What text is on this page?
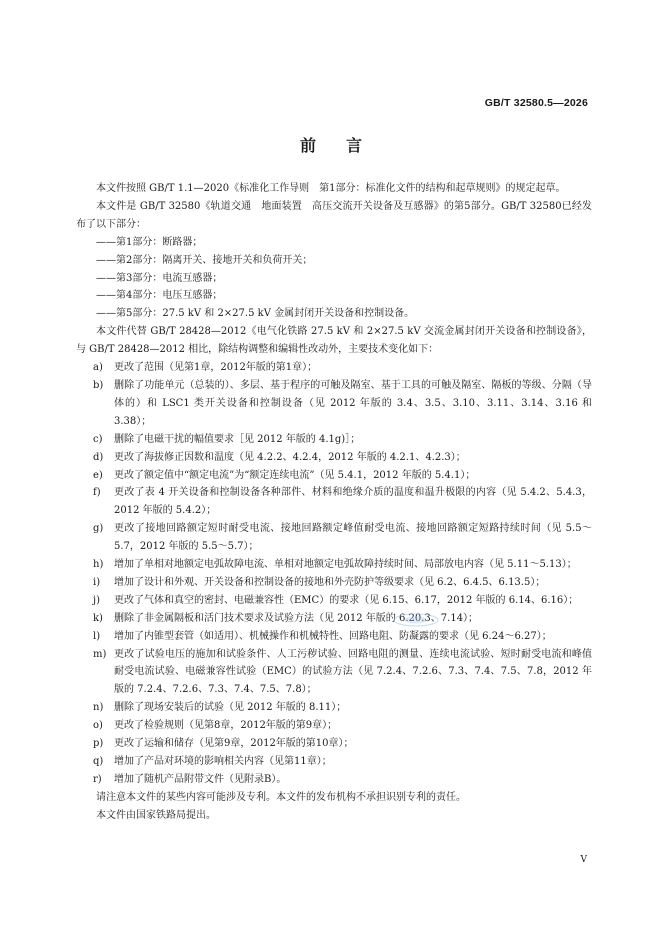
GB/T 32580.5—2026
前 言

本文件按照 GB/T 1.1—2020《标准化工作导则　第1部分：标准化文件的结构和起草规则》的规定起草。

本文件是 GB/T 32580《轨道交通　地面装置　高压交流开关设备及互感器》的第5部分。GB/T 32580已经发布了以下部分：

——第1部分：断路器；

——第2部分：隔离开关、接地开关和负荷开关；

——第3部分：电流互感器；

——第4部分：电压互感器；

——第5部分：27.5 kV 和 2×27.5 kV 金属封闭开关设备和控制设备。

本文件代替 GB/T 28428—2012《电气化铁路 27.5 kV 和 2×27.5 kV 交流金属封闭开关设备和控制设备》，与 GB/T 28428—2012 相比，除结构调整和编辑性改动外，主要技术变化如下：

a) 更改了范围（见第1章，2012年版的第1章）；

b) 删除了功能单元（总装的）、多层、基于程序的可触及隔室、基于工具的可触及隔室、隔板的等级、分隔（导体的）和 LSC1 类开关设备和控制设备（见 2012 年版的 3.4、3.5、3.10、3.11、3.14、3.16 和 3.38）；

c) 删除了电磁干扰的幅值要求［见 2012 年版的 4.1g)］；

d) 更改了海拔修正因数和温度（见 4.2.2、4.2.4，2012 年版的 4.2.1、4.2.3）；

e) 更改了额定值中“额定电流”为“额定连续电流”（见 5.4.1，2012 年版的 5.4.1）；

f) 更改了表 4 开关设备和控制设备各种部件、材料和绝缘介质的温度和温升极限的内容（见 5.4.2、5.4.3，2012 年版的 5.4.2）；

g) 更改了接地回路额定短时耐受电流、接地回路额定峰值耐受电流、接地回路额定短路持续时间（见 5.5～5.7，2012 年版的 5.5～5.7）；

h) 增加了单相对地额定电弧故障电流、单相对地额定电弧故障持续时间、局部放电内容（见 5.11～5.13）；

i) 增加了设计和外观、开关设备和控制设备的接地和外壳防护等级要求（见 6.2、6.4.5、6.13.5）；

j) 更改了气体和真空的密封、电磁兼容性（EMC）的要求（见 6.15、6.17，2012 年版的 6.14、6.16）；

k) 删除了非金属隔板和活门技术要求及试验方法（见 2012 年版的 6.20.3、7.14）；

l) 增加了内锥型套管（如适用）、机械操作和机械特性、回路电阻、防凝露的要求（见 6.24～6.27）；

m) 更改了试验电压的施加和试验条件、人工污秽试验、回路电阻的测量、连续电流试验、短时耐受电流和峰值耐受电流试验、电磁兼容性试验（EMC）的试验方法（见 7.2.4、7.2.6、7.3、7.4、7.5、7.8，2012 年版的 7.2.4、7.2.6、7.3、7.4、7.5、7.8）；

n) 删除了现场安装后的试验（见 2012 年版的 8.11）；

o) 更改了检验规则（见第8章，2012年版的第9章）；

p) 更改了运输和储存（见第9章，2012年版的第10章）；

q) 增加了产品对环境的影响相关内容（见第11章）；

r) 增加了随机产品附带文件（见附录B）。

请注意本文件的某些内容可能涉及专利。本文件的发布机构不承担识别专利的责任。

本文件由国家铁路局提出。

V
